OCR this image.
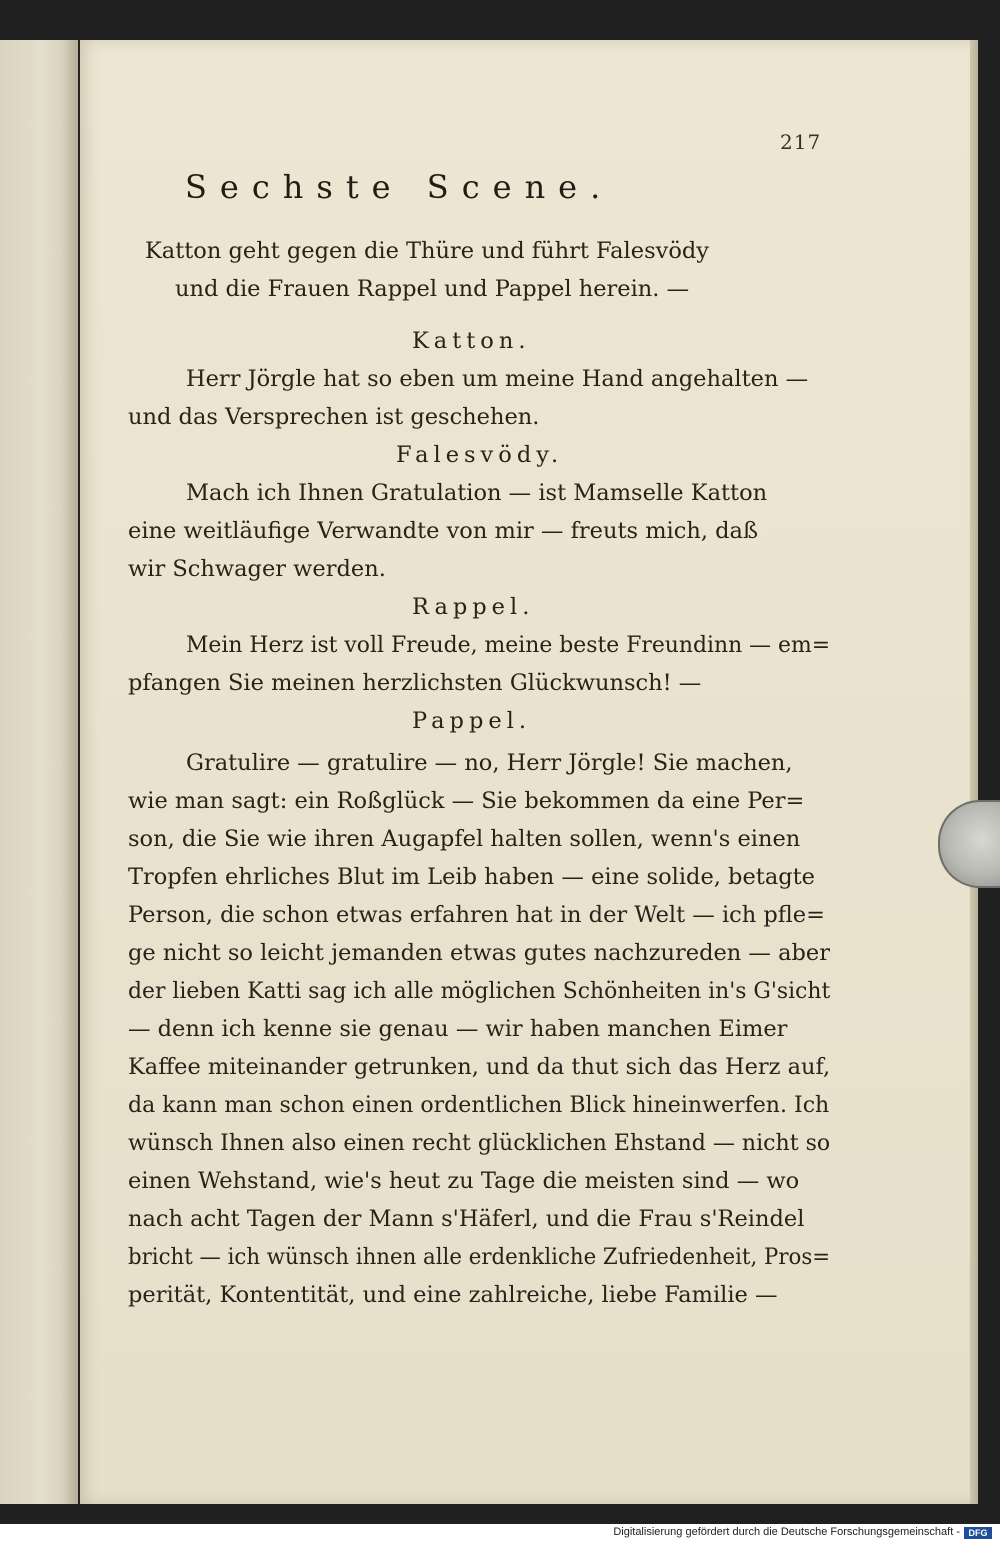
217
Sechste Scene.
Katton geht gegen die Thüre und führt Falesvödy
und die Frauen Rappel und Pappel herein. —
Katton.
Herr Jörgle hat so eben um meine Hand angehalten —
und das Versprechen ist geschehen.
Falesvödy.
Mach ich Ihnen Gratulation — ist Mamselle Katton
eine weitläufige Verwandte von mir — freuts mich, daß
wir Schwager werden.
Rappel.
Mein Herz ist voll Freude, meine beste Freundinn — em=
pfangen Sie meinen herzlichsten Glückwunsch! —
Pappel.
Gratulire — gratulire — no, Herr Jörgle! Sie machen,
wie man sagt: ein Roßglück — Sie bekommen da eine Per=
son, die Sie wie ihren Augapfel halten sollen, wenn's einen
Tropfen ehrliches Blut im Leib haben — eine solide, betagte
Person, die schon etwas erfahren hat in der Welt — ich pfle=
ge nicht so leicht jemanden etwas gutes nachzureden — aber
der lieben Katti sag ich alle möglichen Schönheiten in's G'sicht
— denn ich kenne sie genau — wir haben manchen Eimer
Kaffee miteinander getrunken, und da thut sich das Herz auf,
da kann man schon einen ordentlichen Blick hineinwerfen. Ich
wünsch Ihnen also einen recht glücklichen Ehstand — nicht so
einen Wehstand, wie's heut zu Tage die meisten sind — wo
nach acht Tagen der Mann s'Häferl, und die Frau s'Reindel
bricht — ich wünsch ihnen alle erdenkliche Zufriedenheit, Pros=
perität, Kontentität, und eine zahlreiche, liebe Familie —
Digitalisierung gefördert durch die Deutsche Forschungsgemeinschaft - DFG
